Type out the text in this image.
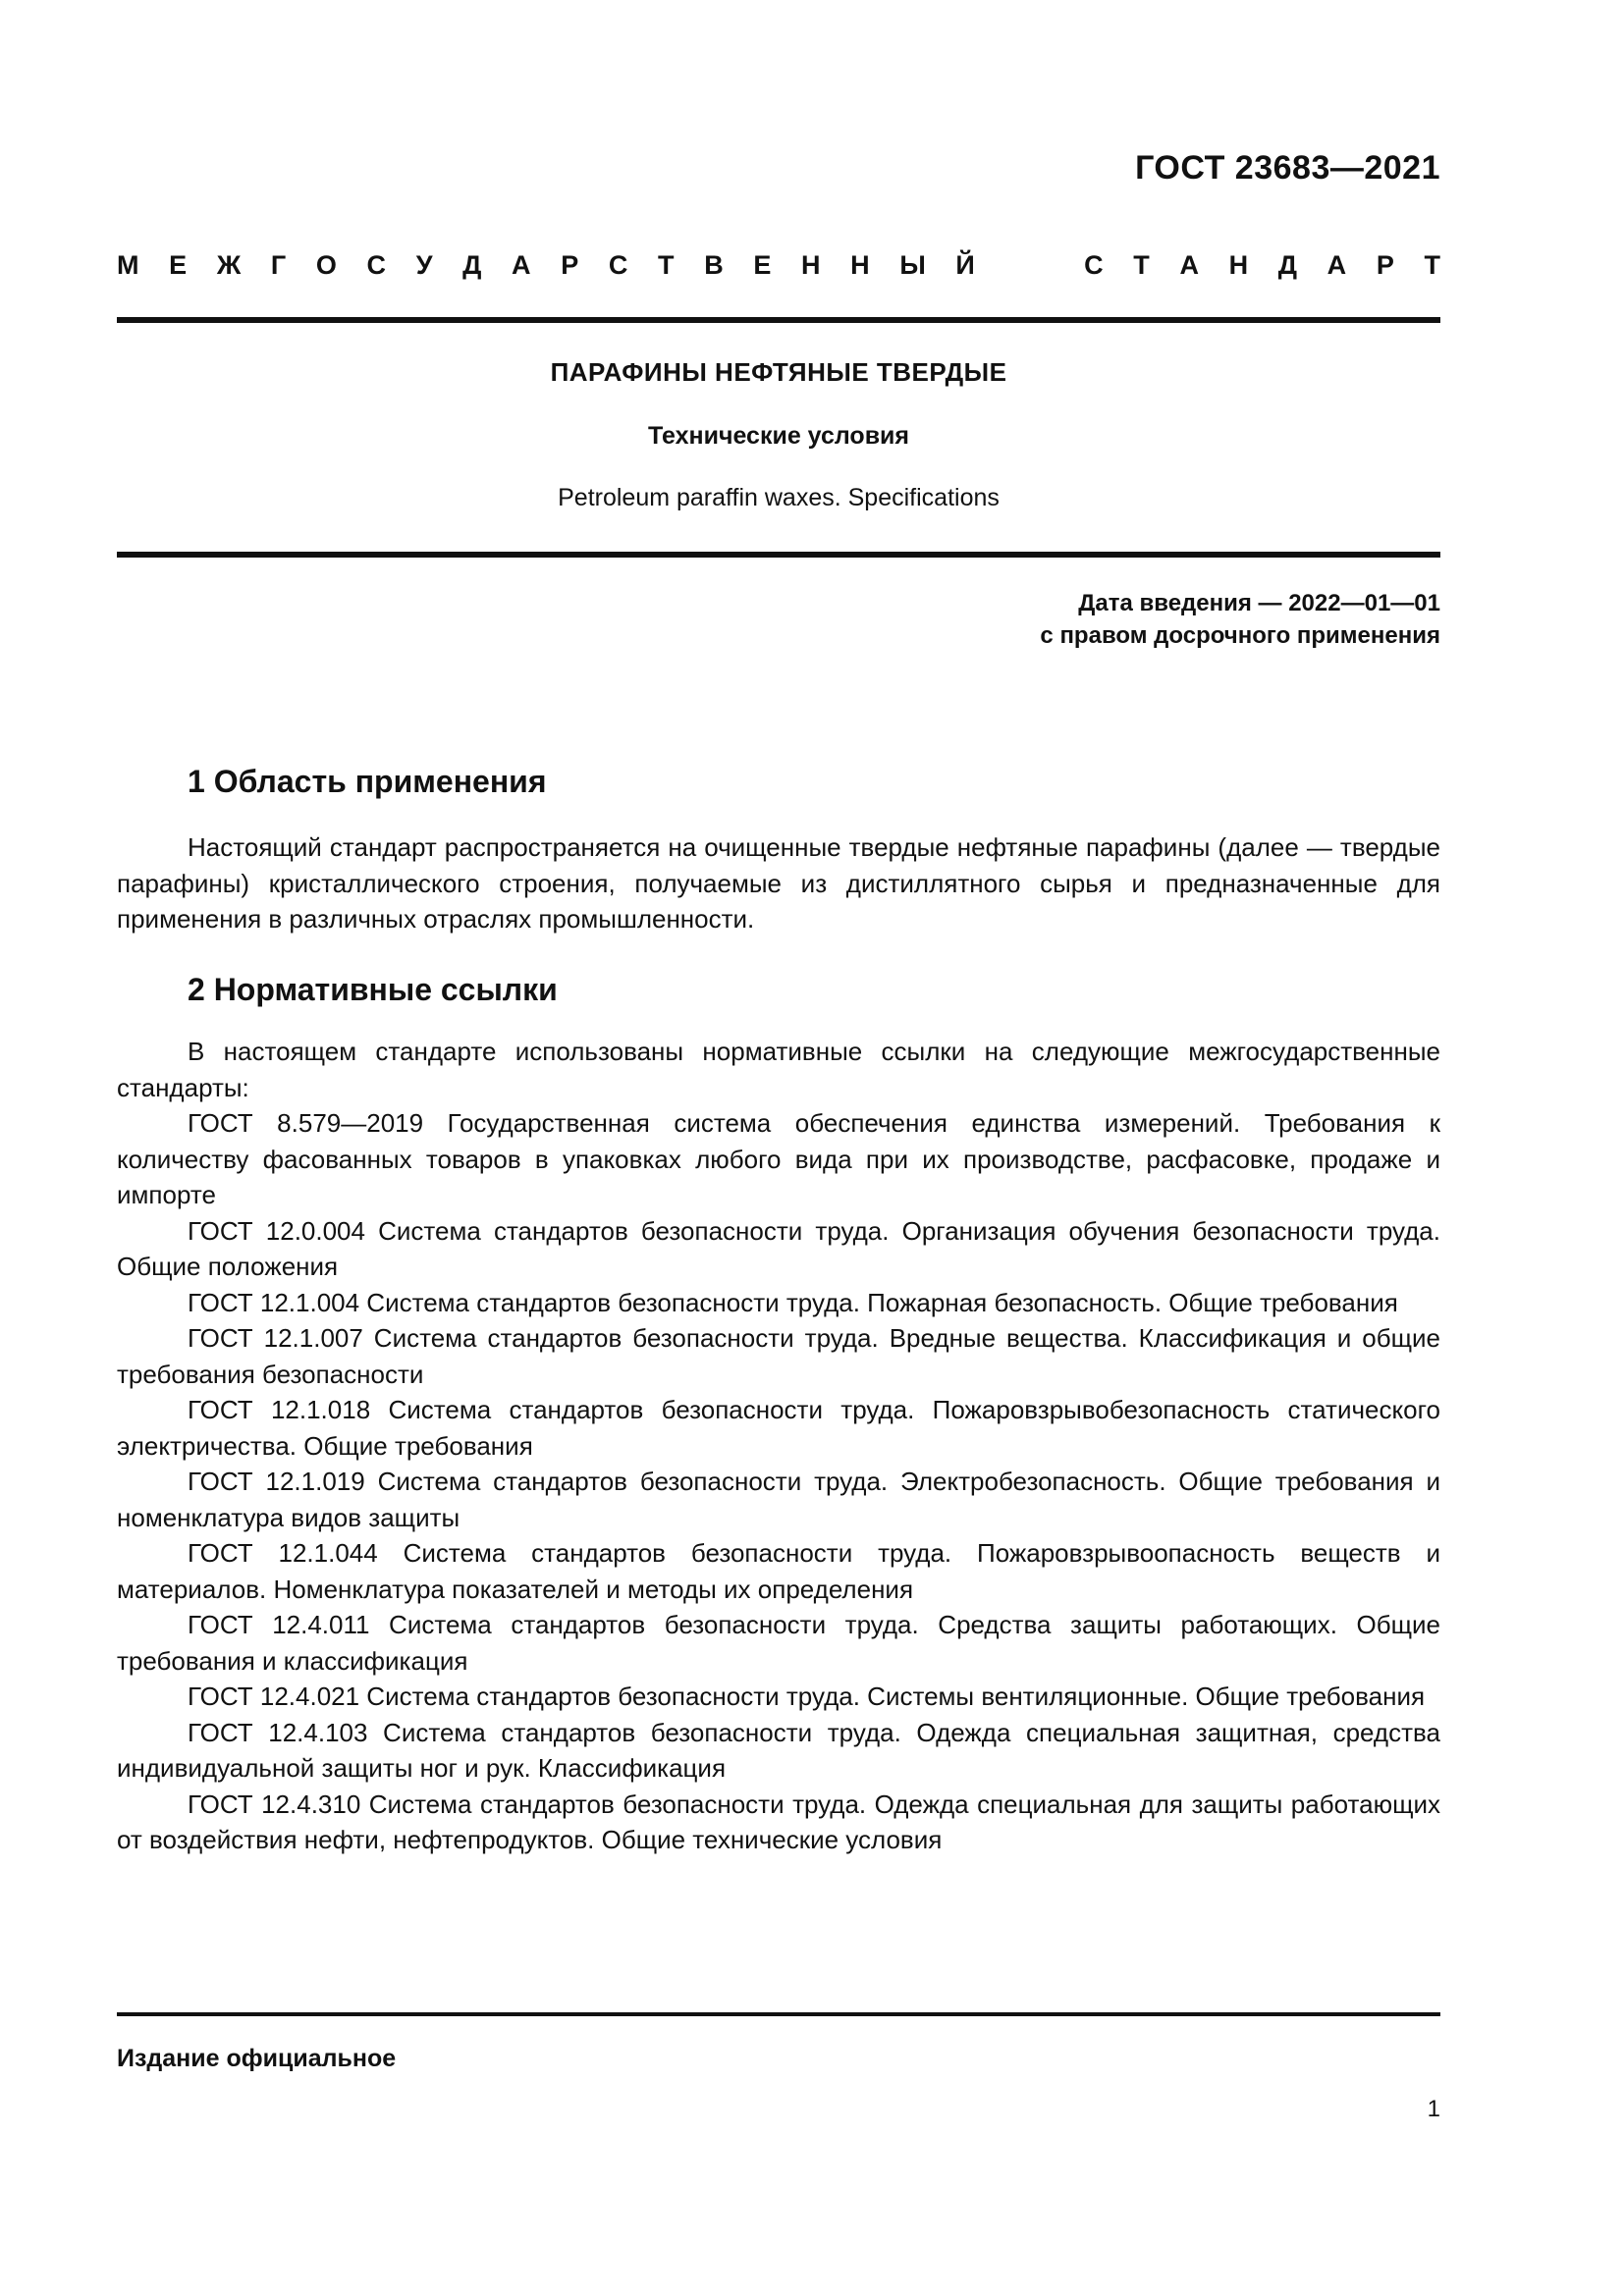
ГОСТ 23683—2021
М Е Ж Г О С У Д А Р С Т В Е Н Н Ы Й	С Т А Н Д А Р Т
ПАРАФИНЫ НЕФТЯНЫЕ ТВЕРДЫЕ
Технические условия
Petroleum paraffin waxes. Specifications
Дата введения — 2022—01—01
с правом досрочного применения
1 Область применения

Настоящий стандарт распространяется на очищенные твердые нефтяные парафины (далее — твердые парафины) кристаллического строения, получаемые из дистиллятного сырья и предназначенные для применения в различных отраслях промышленности.

2 Нормативные ссылки

В настоящем стандарте использованы нормативные ссылки на следующие межгосударственные стандарты:

ГОСТ 8.579—2019 Государственная система обеспечения единства измерений. Требования к количеству фасованных товаров в упаковках любого вида при их производстве, расфасовке, продаже и импорте

ГОСТ 12.0.004 Система стандартов безопасности труда. Организация обучения безопасности труда. Общие положения

ГОСТ 12.1.004 Система стандартов безопасности труда. Пожарная безопасность. Общие требования

ГОСТ 12.1.007 Система стандартов безопасности труда. Вредные вещества. Классификация и общие требования безопасности

ГОСТ 12.1.018 Система стандартов безопасности труда. Пожаровзрывобезопасность статического электричества. Общие требования

ГОСТ 12.1.019 Система стандартов безопасности труда. Электробезопасность. Общие требования и номенклатура видов защиты

ГОСТ 12.1.044 Система стандартов безопасности труда. Пожаровзрывоопасность веществ и материалов. Номенклатура показателей и методы их определения

ГОСТ 12.4.011 Система стандартов безопасности труда. Средства защиты работающих. Общие требования и классификация

ГОСТ 12.4.021 Система стандартов безопасности труда. Системы вентиляционные. Общие требования

ГОСТ 12.4.103 Система стандартов безопасности труда. Одежда специальная защитная, средства индивидуальной защиты ног и рук. Классификация

ГОСТ 12.4.310 Система стандартов безопасности труда. Одежда специальная для защиты работающих от воздействия нефти, нефтепродуктов. Общие технические условия

Издание официальное
1
